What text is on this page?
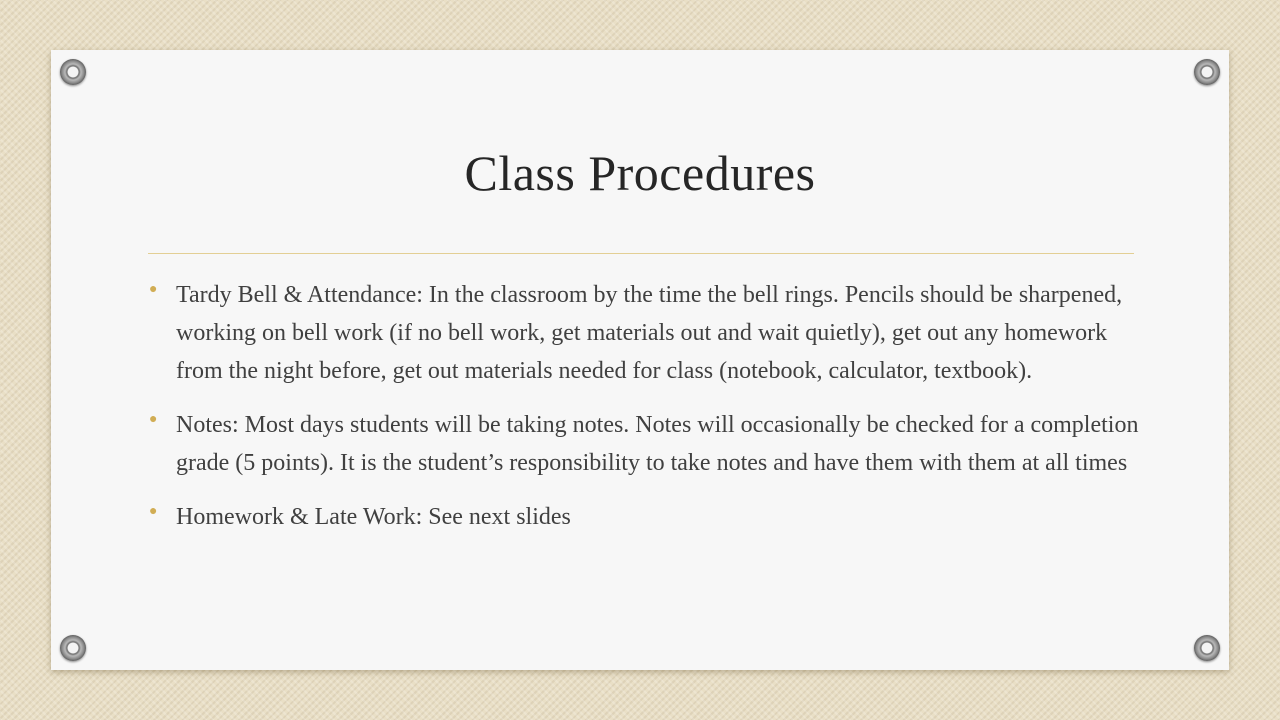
Class Procedures
● Tardy Bell & Attendance: In the classroom by the time the bell rings. Pencils should be sharpened, working on bell work (if no bell work, get materials out and wait quietly), get out any homework from the night before, get out materials needed for class (notebook, calculator, textbook).
● Notes: Most days students will be taking notes. Notes will occasionally be checked for a completion grade (5 points). It is the student’s responsibility to take notes and have them with them at all times
● Homework & Late Work: See next slides
